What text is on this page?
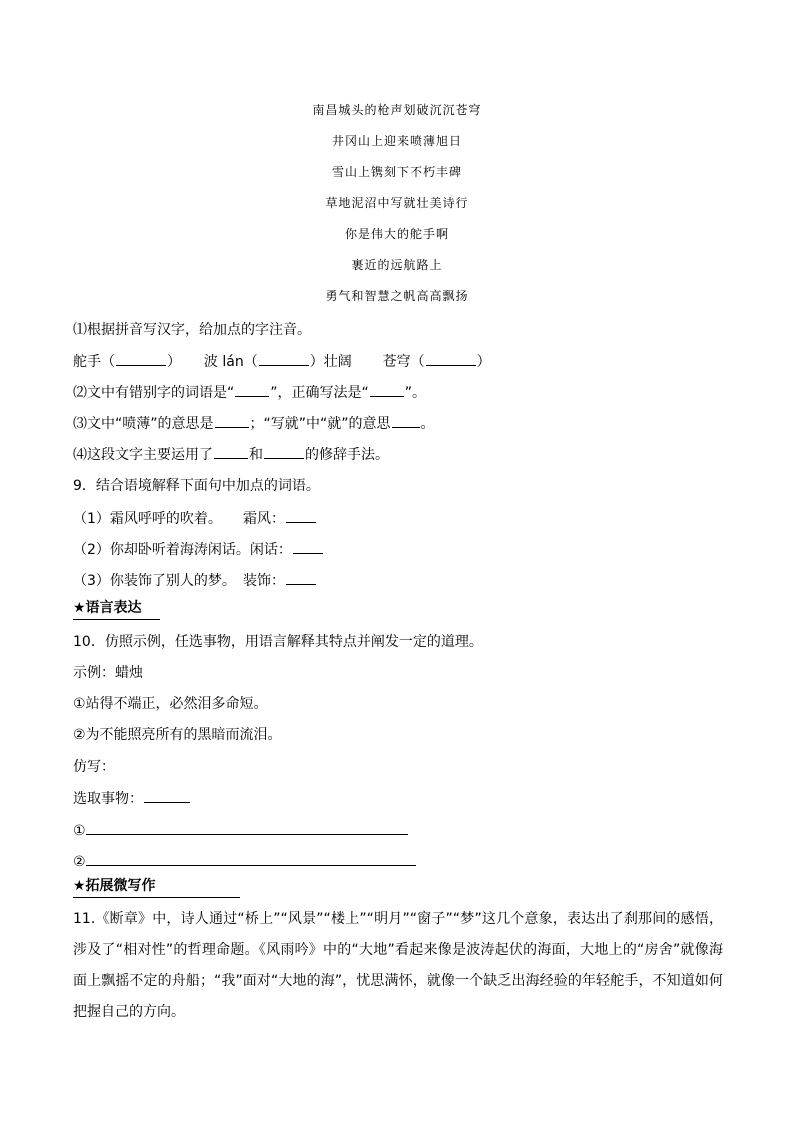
南昌城头的枪声划破沉沉苍穹
井冈山上迎来喷薄旭日
雪山上镌刻下不朽丰碑
草地泥沼中写就壮美诗行
你是伟大的舵手啊
裹近的远航路上
勇气和智慧之帆高高飘扬
⑴根据拼音写汉字，给加点的字注音。
舵手（	） 波 lán（	）壮阔 苍穹（	）
⑵文中有错别字的词语是“	”，正确写法是“	”。
⑶文中“喷薄”的意思是	；“写就”中“就”的意思 。
⑷这段文字主要运用了	和	的修辞手法。
9．结合语境解释下面句中加点的词语。
（1）霜风呼呼的吹着。 霜风：
（2）你却卧听着海涛闲话。闲话：
（3）你装饰了别人的梦。 装饰：
★语言表达
10．仿照示例，任选事物，用语言解释其特点并阐发一定的道理。
示例：蜡烛
①站得不端正，必然泪多命短。
②为不能照亮所有的黑暗而流泪。
仿写：
选取事物：
①
②
★拓展微写作
11.《断章》中，诗人通过“桥上”“风景”“楼上”“明月”“窗子”“梦”这几个意象，表达出了刹那间的感悟，涉及了“相对性”的哲理命题。《风雨吟》中的“大地”看起来像是波涛起伏的海面，大地上的“房舍”就像海面上飘摇不定的舟船；“我”面对“大地的海”，忧思满怀，就像一个缺乏出海经验的年轻舵手，不知道如何把握自己的方向。
